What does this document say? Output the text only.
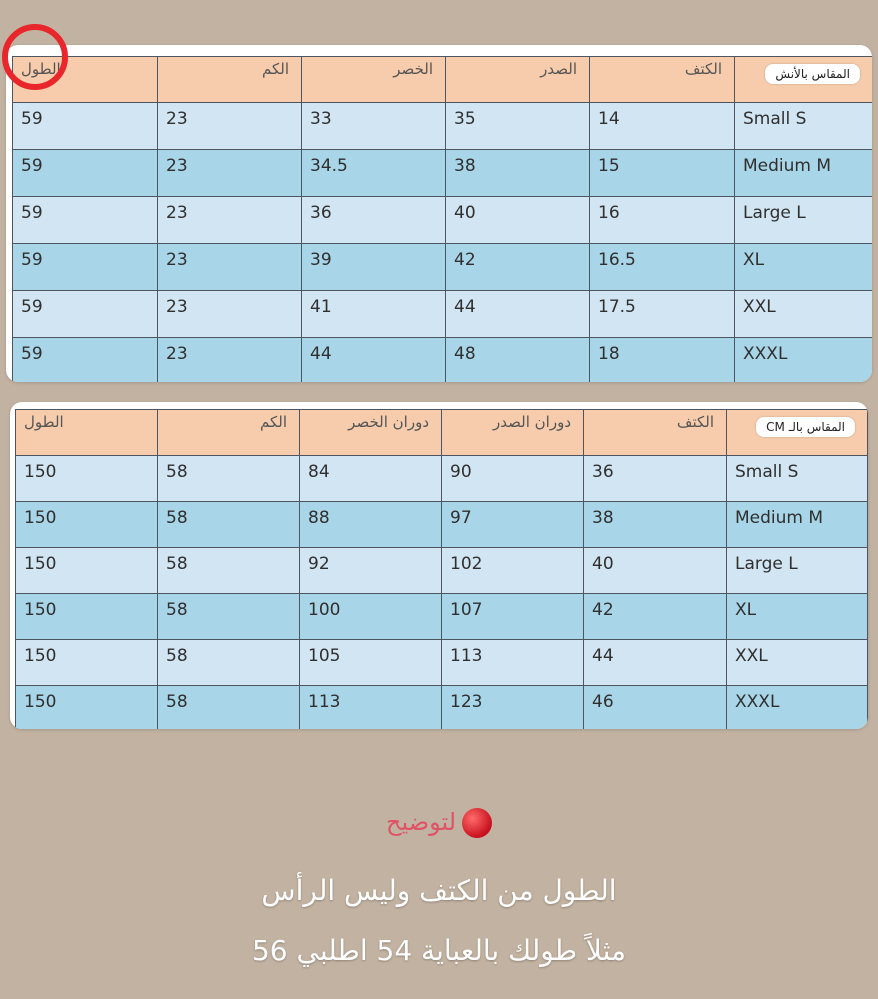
الطول	الكم	الخصر	الصدر	الكتف	المقاس بالأنش
59	23	33	35	14	Small S
59	23	34.5	38	15	Medium M
59	23	36	40	16	Large L
59	23	39	42	16.5	XL
59	23	41	44	17.5	XXL
59	23	44	48	18	XXXL
الطول	الكم	دوران الخصر	دوران الصدر	الكتف	المقاس بالـ CM
150	58	84	90	36	Small S
150	58	88	97	38	Medium M
150	58	92	102	40	Large L
150	58	100	107	42	XL
150	58	105	113	44	XXL
150	58	113	123	46	XXXL
لتوضيح
الطول من الكتف وليس الرأس
مثلاً طولك بالعباية 54 اطلبي 56
